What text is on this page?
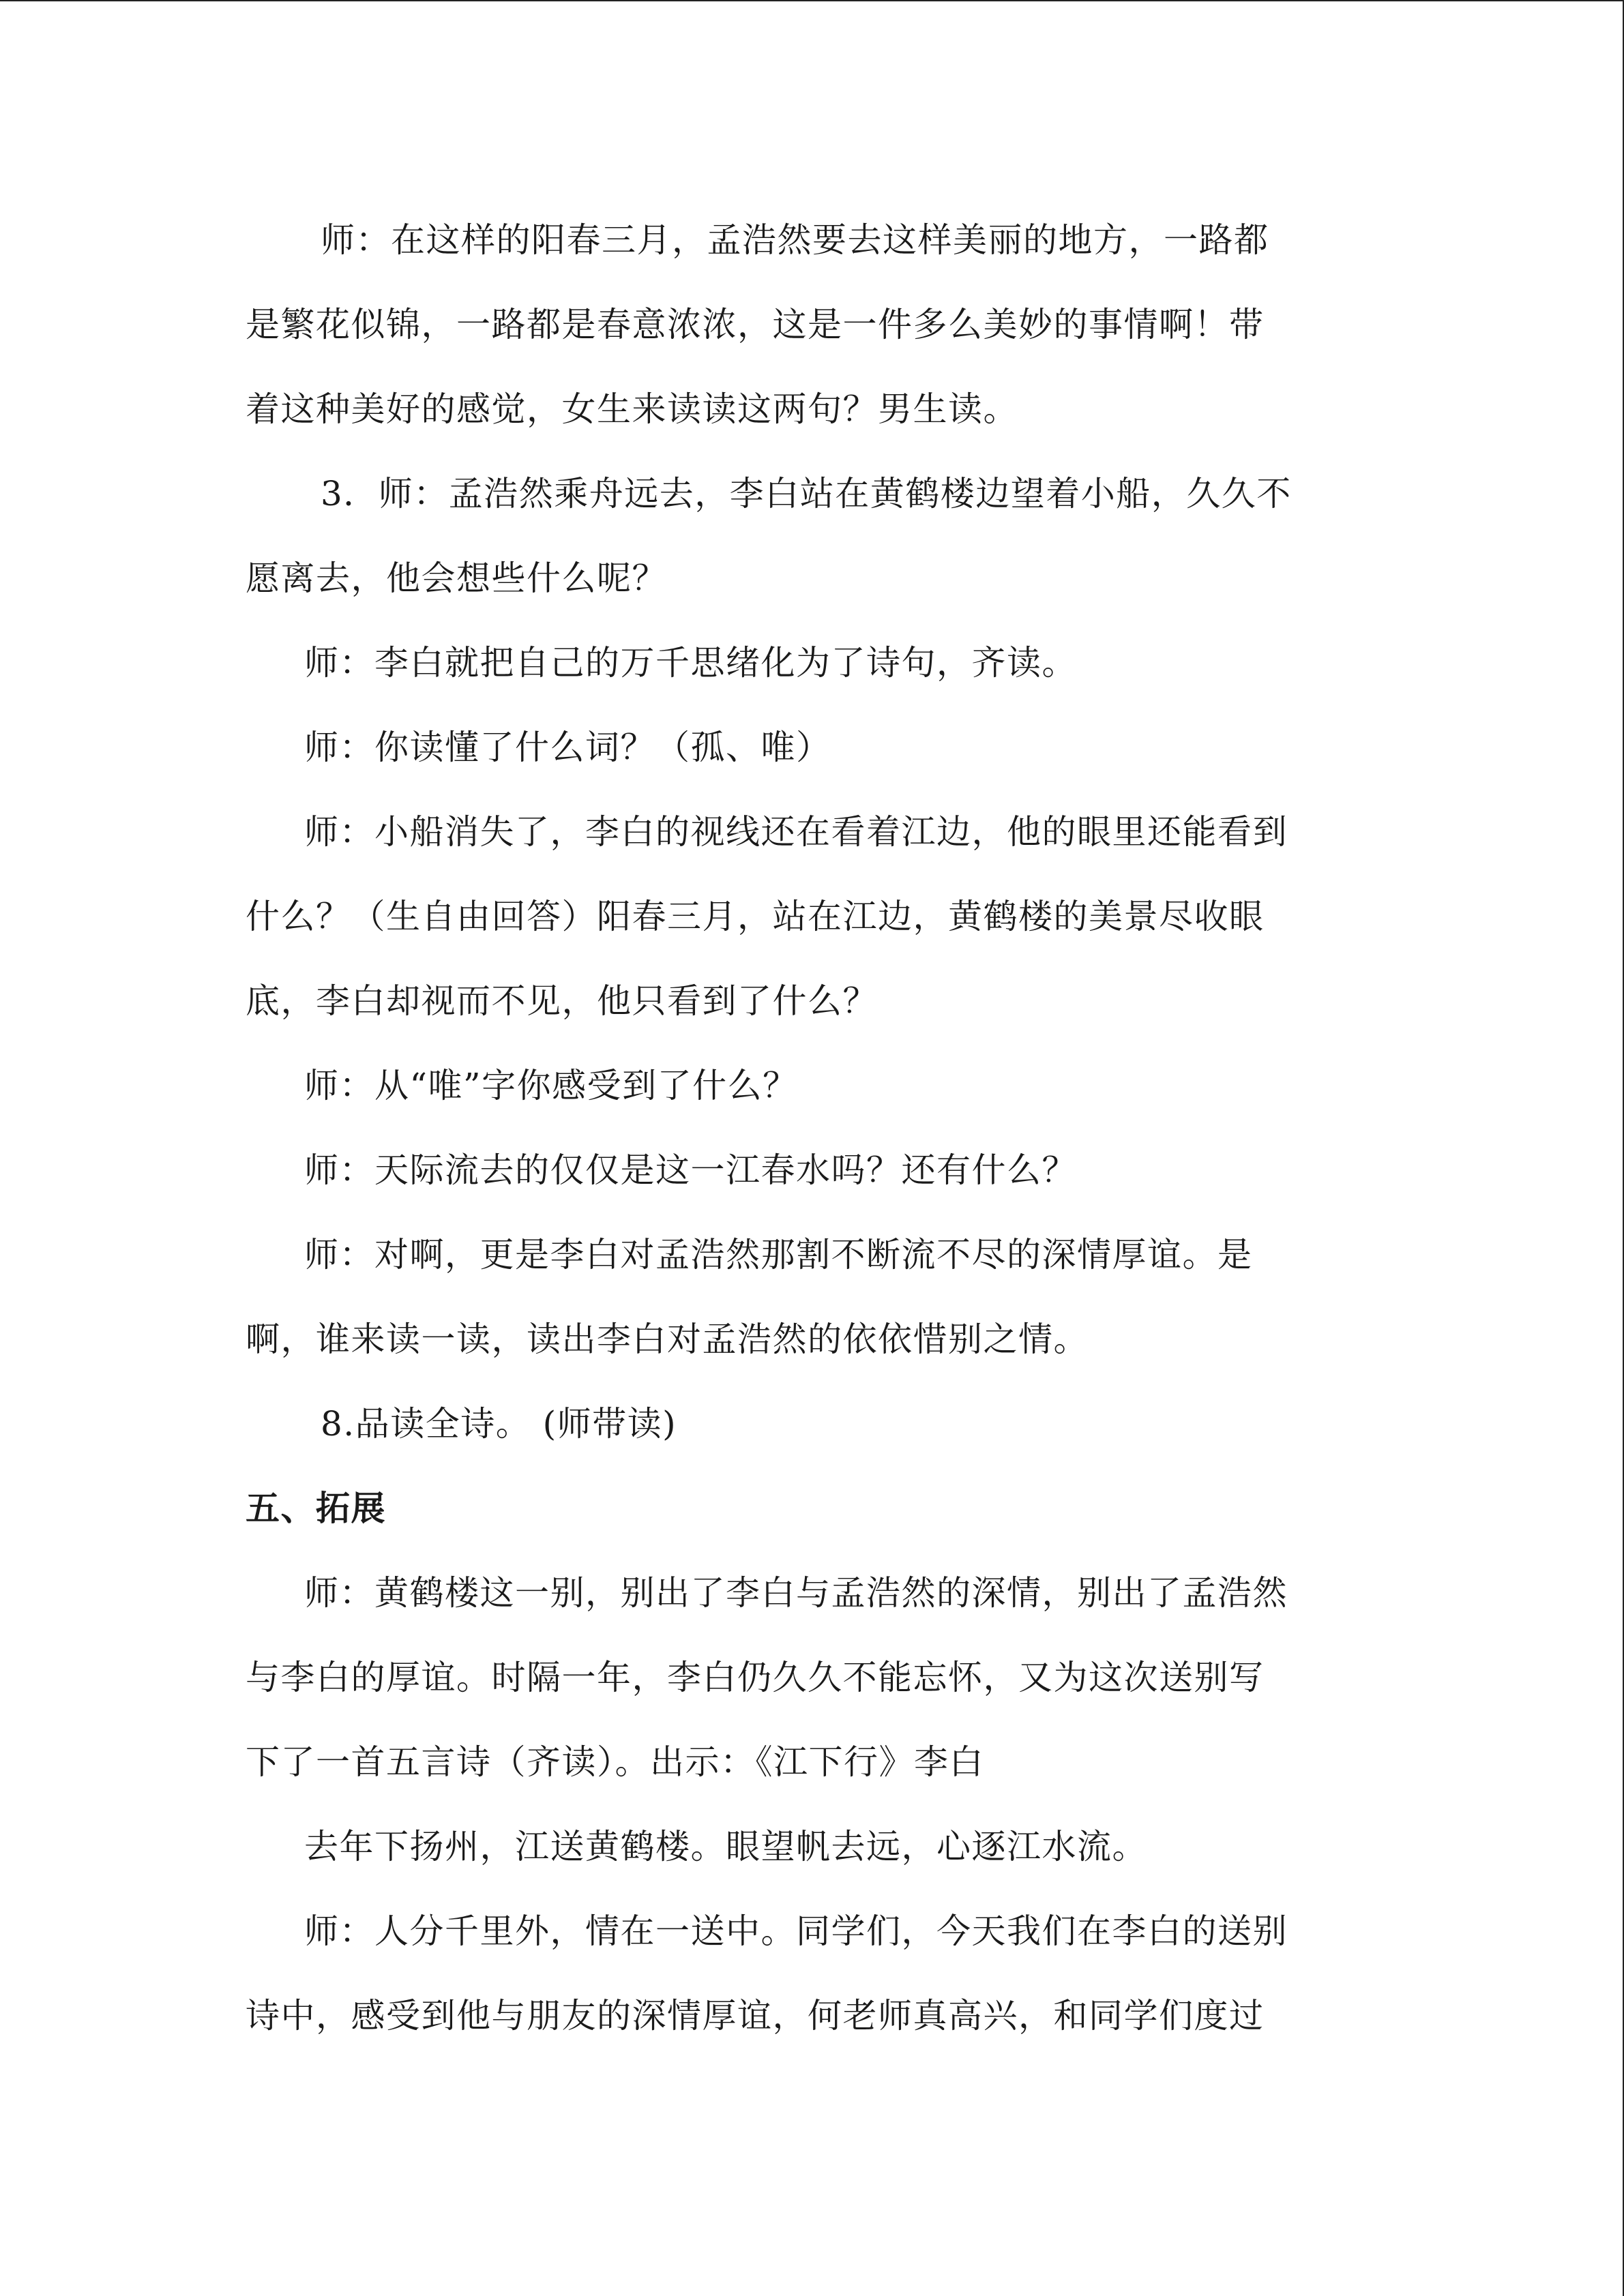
师：在这样的阳春三月，孟浩然要去这样美丽的地方，一路都
是繁花似锦，一路都是春意浓浓，这是一件多么美妙的事情啊！带
着这种美好的感觉，女生来读读这两句？男生读。
3．师：孟浩然乘舟远去，李白站在黄鹤楼边望着小船，久久不
愿离去，他会想些什么呢？
师：李白就把自己的万千思绪化为了诗句，齐读。
师：你读懂了什么词？（孤、唯）
师：小船消失了，李白的视线还在看着江边，他的眼里还能看到
什么？（生自由回答）阳春三月，站在江边，黄鹤楼的美景尽收眼
底，李白却视而不见，他只看到了什么？
师：从“唯”字你感受到了什么？
师：天际流去的仅仅是这一江春水吗？还有什么？
师：对啊，更是李白对孟浩然那割不断流不尽的深情厚谊。是
啊，谁来读一读，读出李白对孟浩然的依依惜别之情。
8.品读全诗。 (师带读)
五、拓展
师：黄鹤楼这一别，别出了李白与孟浩然的深情，别出了孟浩然
与李白的厚谊。时隔一年，李白仍久久不能忘怀，又为这次送别写
下了一首五言诗（齐读）。出示：《江下行》李白
去年下扬州，江送黄鹤楼。眼望帆去远，心逐江水流。
师：人分千里外，情在一送中。同学们，今天我们在李白的送别
诗中，感受到他与朋友的深情厚谊，何老师真高兴，和同学们度过
